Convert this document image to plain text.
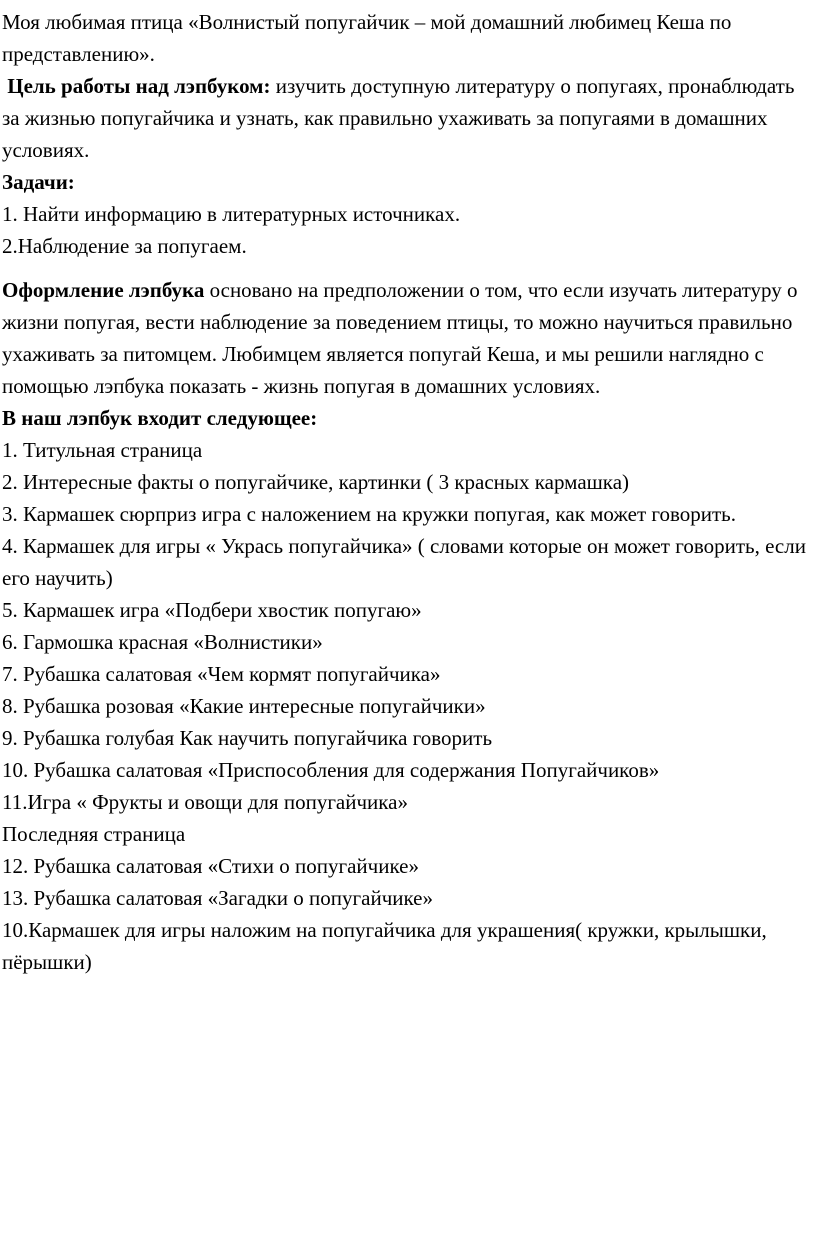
Моя любимая птица «Волнистый попугайчик – мой домашний любимец Кеша по представлению».

Цель работы над лэпбуком: изучить доступную литературу о попугаях, пронаблюдать за жизнью попугайчика и узнать, как правильно ухаживать за попугаями в домашних условиях.

Задачи:

1. Найти информацию в литературных источниках.

2.Наблюдение за попугаем.

Оформление лэпбука основано на предположении о том, что если изучать литературу о жизни попугая, вести наблюдение за поведением птицы, то можно научиться правильно ухаживать за питомцем. Любимцем является попугай Кеша, и мы решили наглядно с помощью лэпбука показать - жизнь попугая в домашних условиях.

В наш лэпбук входит следующее:

1. Титульная страница

2. Интересные факты о попугайчике, картинки ( 3 красных кармашка)

3. Кармашек сюрприз игра с наложением на кружки попугая, как может говорить.

4. Кармашек для игры « Укрась попугайчика» ( словами которые он может говорить, если его научить)

5. Кармашек игра «Подбери хвостик попугаю»

6. Гармошка красная «Волнистики»

7. Рубашка салатовая «Чем кормят попугайчика»

8. Рубашка розовая «Какие интересные попугайчики»

9. Рубашка голубая Как научить попугайчика говорить

10. Рубашка салатовая «Приспособления для содержания Попугайчиков»

11.Игра « Фрукты и овощи для попугайчика»

Последняя страница

12. Рубашка салатовая «Стихи о попугайчике»

13. Рубашка салатовая «Загадки о попугайчике»

10.Кармашек для игры наложим на попугайчика для украшения( кружки, крылышки, пёрышки)
